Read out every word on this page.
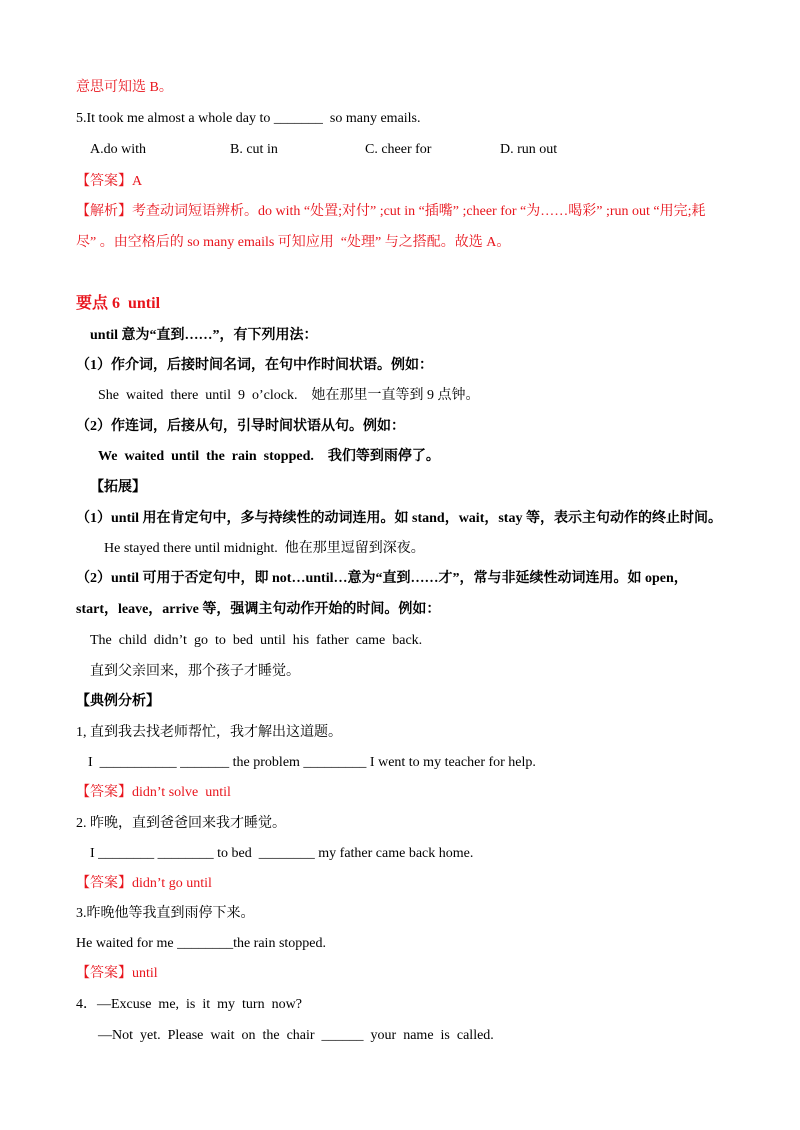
意思可知选 B。
5.It took me almost a whole day to _______  so many emails.
A.do with	B. cut in	C. cheer for	D. run out
【答案】A
【解析】考查动词短语辨析。do with “处置;对付” ;cut in “插嘴” ;cheer for “为……喝彩” ;run out “用完;耗
尽” 。由空格后的 so many emails 可知应用  “处理” 与之搭配。故选 A。
要点 6  until
until 意为“直到……”，有下列用法：
（1）作介词，后接时间名词，在句中作时间状语。例如：
She  waited  there  until  9  o’clock.    她在那里一直等到 9 点钟。
（2）作连词，后接从句，引导时间状语从句。例如：
We  waited  until  the  rain  stopped.    我们等到雨停了。
【拓展】
（1）until 用在肯定句中，多与持续性的动词连用。如 stand，wait，stay 等，表示主句动作的终止时间。
He stayed there until midnight.  他在那里逗留到深夜。
（2）until 可用于否定句中，即 not…until…意为“直到……才”，常与非延续性动词连用。如 open，
start，leave，arrive 等，强调主句动作开始的时间。例如：
The  child  didn’t  go  to  bed  until  his  father  came  back.
直到父亲回来，那个孩子才睡觉。
【典例分析】
1, 直到我去找老师帮忙，我才解出这道题。
I  ___________ _______ the problem _________ I went to my teacher for help.
【答案】didn’t solve  until
2. 昨晚，直到爸爸回来我才睡觉。
I ________ ________ to bed  ________ my father came back home.
【答案】didn’t go until
3.昨晚他等我直到雨停下来。
He waited for me ________the rain stopped.
【答案】until
4．—Excuse  me,  is  it  my  turn  now?
—Not  yet.  Please  wait  on  the  chair  ______  your  name  is  called.
